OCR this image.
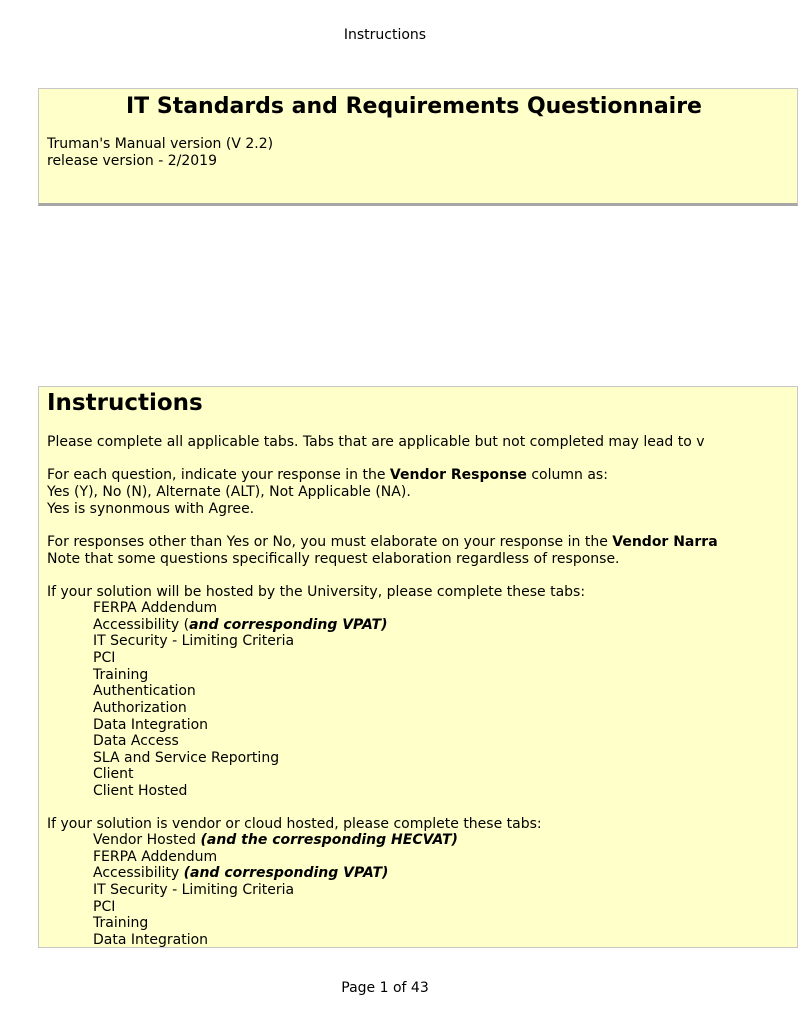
Instructions
IT Standards and Requirements Questionnaire
Truman's Manual version (V 2.2)
release version - 2/2019
Instructions
Please complete all applicable tabs. Tabs that are applicable but not completed may lead to v
For each question, indicate your response in the Vendor Response column as:
Yes (Y), No (N), Alternate (ALT), Not Applicable (NA).
Yes is synonmous with Agree.
For responses other than Yes or No, you must elaborate on your response in the Vendor Narra
Note that some questions specifically request elaboration regardless of response.
If your solution will be hosted by the University, please complete these tabs:
FERPA Addendum
Accessibility (and corresponding VPAT)
IT Security - Limiting Criteria
PCI
Training
Authentication
Authorization
Data Integration
Data Access
SLA and Service Reporting
Client
Client Hosted
If your solution is vendor or cloud hosted, please complete these tabs:
Vendor Hosted (and the corresponding HECVAT)
FERPA Addendum
Accessibility (and corresponding VPAT)
IT Security - Limiting Criteria
PCI
Training
Data Integration
Page 1 of 43
